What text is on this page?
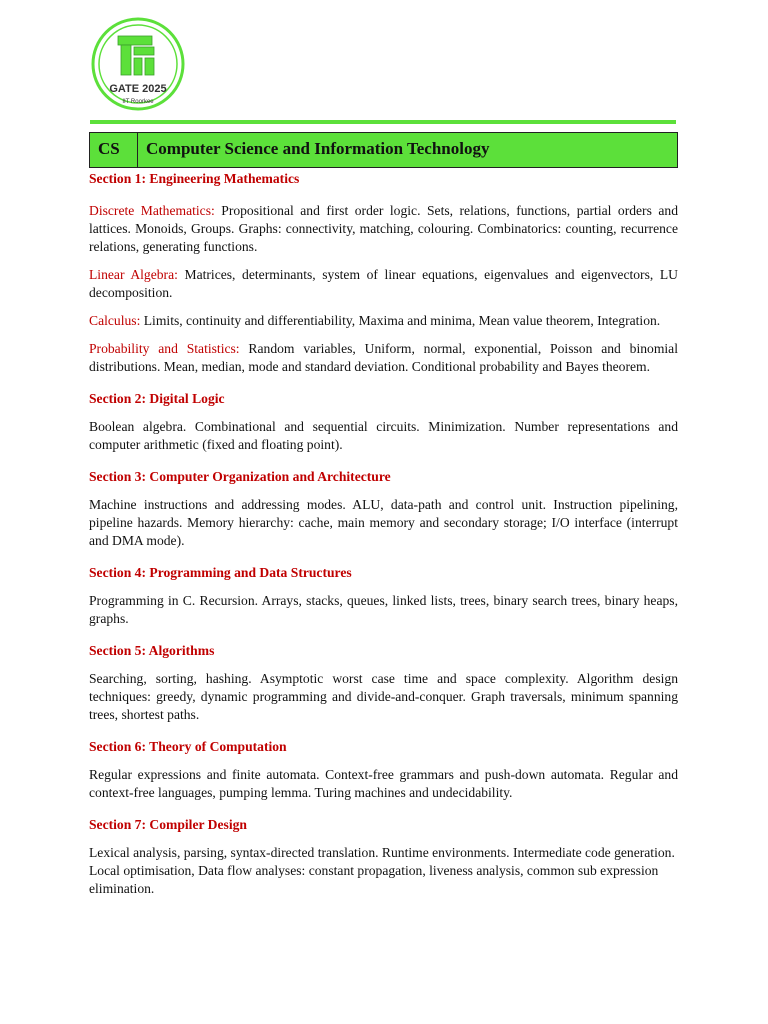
GATE 2025
IIT Roorkee
CS	Computer Science and Information Technology

Section 1: Engineering Mathematics

Discrete Mathematics: Propositional and first order logic. Sets, relations, functions, partial orders and lattices. Monoids, Groups. Graphs: connectivity, matching, colouring. Combinatorics: counting, recurrence relations, generating functions.

Linear Algebra: Matrices, determinants, system of linear equations, eigenvalues and eigenvectors, LU decomposition.

Calculus: Limits, continuity and differentiability, Maxima and minima, Mean value theorem, Integration.

Probability and Statistics: Random variables, Uniform, normal, exponential, Poisson and binomial distributions. Mean, median, mode and standard deviation. Conditional probability and Bayes theorem.

Section 2: Digital Logic

Boolean algebra. Combinational and sequential circuits. Minimization. Number representations and computer arithmetic (fixed and floating point).

Section 3: Computer Organization and Architecture

Machine instructions and addressing modes. ALU, data‐path and control unit. Instruction pipelining, pipeline hazards. Memory hierarchy: cache, main memory and secondary storage; I/O interface (interrupt and DMA mode).

Section 4: Programming and Data Structures

Programming in C. Recursion. Arrays, stacks, queues, linked lists, trees, binary search trees, binary heaps, graphs.

Section 5: Algorithms

Searching, sorting, hashing. Asymptotic worst case time and space complexity. Algorithm design techniques: greedy, dynamic programming and divide‐and‐conquer. Graph traversals, minimum spanning trees, shortest paths.

Section 6: Theory of Computation

Regular expressions and finite automata. Context-free grammars and push-down automata. Regular and context-free languages, pumping lemma. Turing machines and undecidability.

Section 7: Compiler Design

Lexical analysis, parsing, syntax-directed translation. Runtime environments. Intermediate code generation. Local optimisation, Data flow analyses: constant propagation, liveness analysis, common sub expression elimination.
